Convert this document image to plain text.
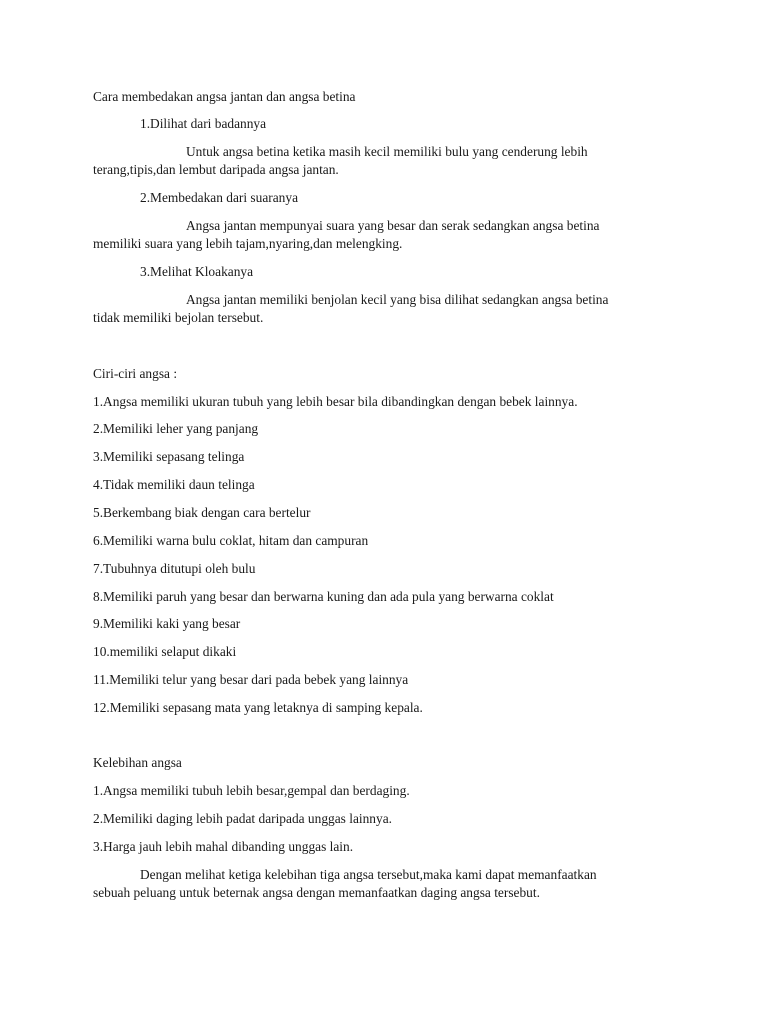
Cara membedakan angsa jantan dan angsa betina

1.Dilihat dari badannya

Untuk angsa betina ketika masih kecil memiliki bulu yang cenderung lebih

terang,tipis,dan lembut daripada angsa jantan.

2.Membedakan dari suaranya

Angsa jantan mempunyai suara yang besar dan serak sedangkan angsa betina

memiliki suara yang lebih tajam,nyaring,dan melengking.

3.Melihat Kloakanya

Angsa jantan memiliki benjolan kecil yang bisa dilihat sedangkan angsa betina

tidak memiliki bejolan tersebut.

Ciri-ciri angsa :

1.Angsa memiliki ukuran tubuh yang lebih besar bila dibandingkan dengan bebek lainnya.

2.Memiliki leher yang panjang

3.Memiliki sepasang telinga

4.Tidak memiliki daun telinga

5.Berkembang biak dengan cara bertelur

6.Memiliki warna bulu coklat, hitam dan campuran

7.Tubuhnya ditutupi oleh bulu

8.Memiliki paruh yang besar dan berwarna kuning dan ada pula yang berwarna coklat

9.Memiliki kaki yang besar

10.memiliki selaput dikaki

11.Memiliki telur yang besar dari pada bebek yang lainnya

12.Memiliki sepasang mata yang letaknya di samping kepala.

Kelebihan angsa

1.Angsa memiliki tubuh lebih besar,gempal dan berdaging.

2.Memiliki daging lebih padat daripada unggas lainnya.

3.Harga jauh lebih mahal dibanding unggas lain.

Dengan melihat ketiga kelebihan tiga angsa tersebut,maka kami dapat memanfaatkan

sebuah peluang untuk beternak angsa dengan memanfaatkan daging angsa tersebut.
